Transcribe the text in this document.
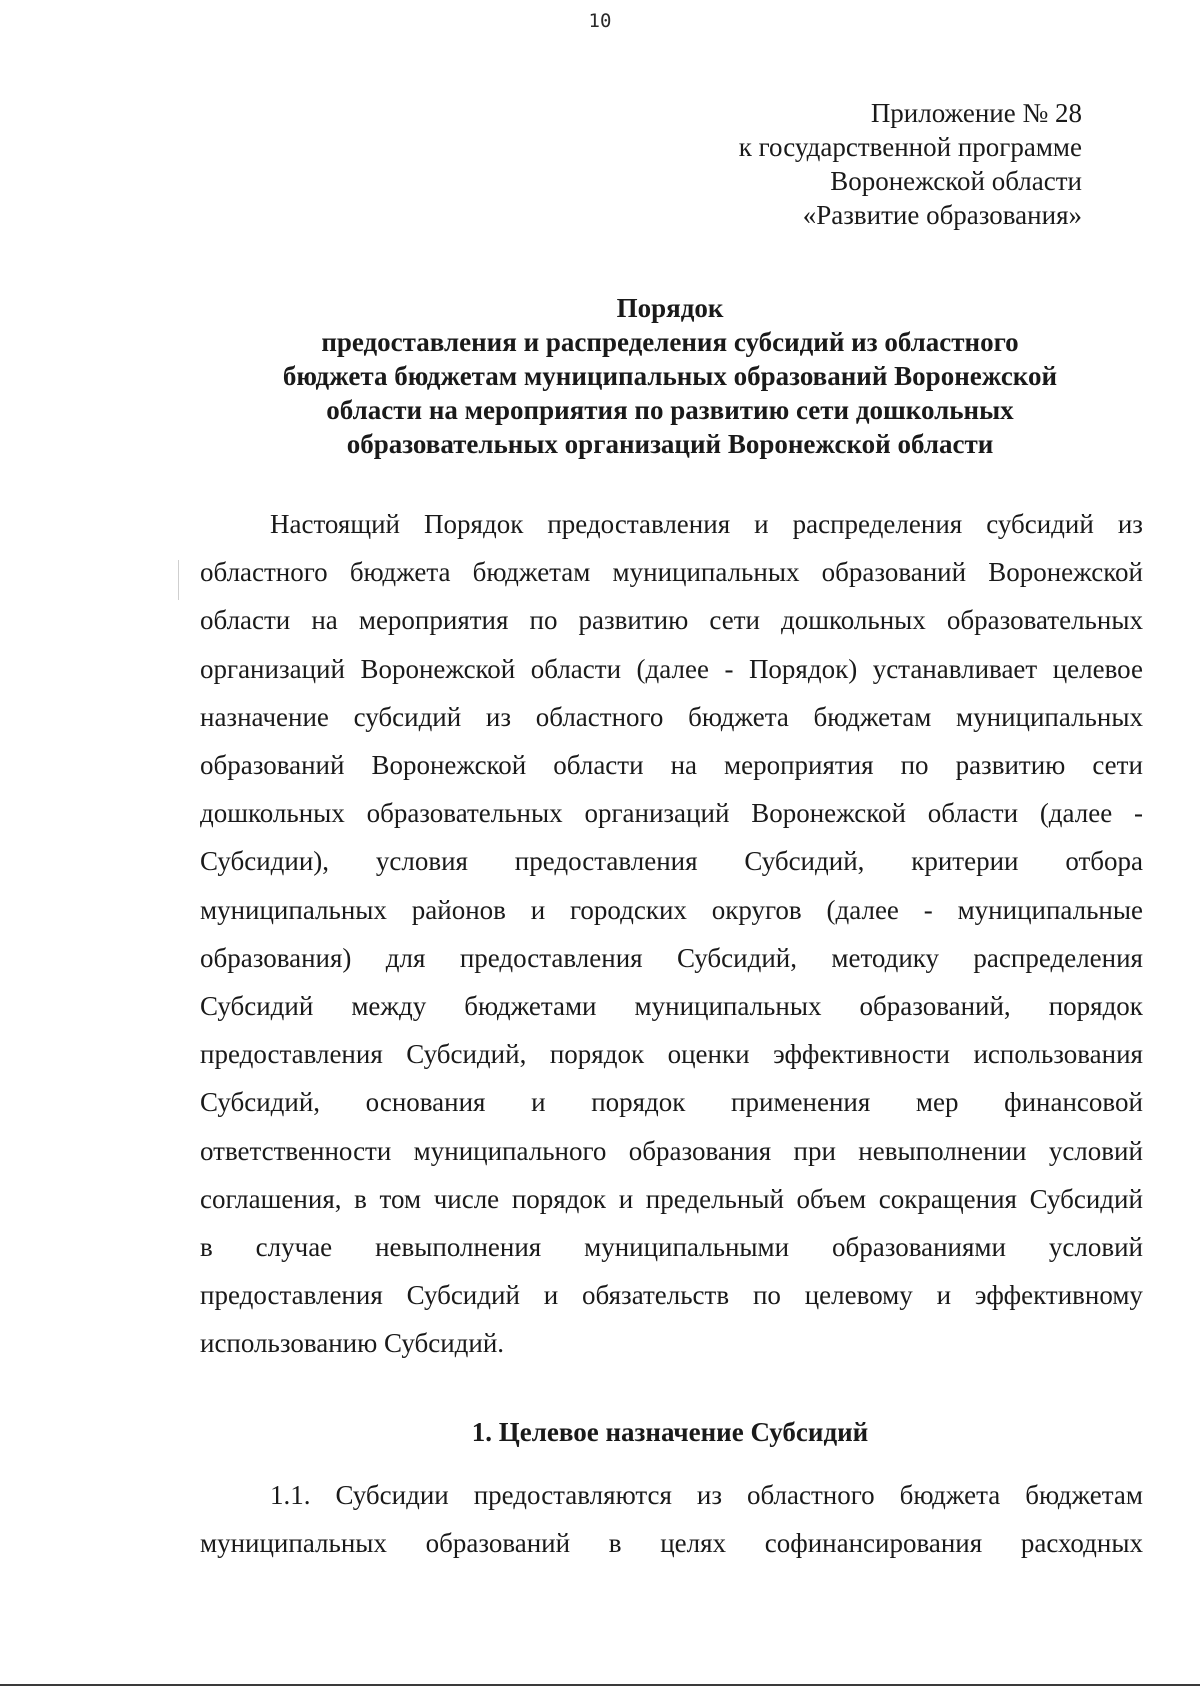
10
Приложение № 28
к государственной программе
Воронежской области
«Развитие образования»
Порядок
предоставления и распределения субсидий из областного
бюджета бюджетам муниципальных образований Воронежской
области на мероприятия по развитию сети дошкольных
образовательных организаций Воронежской области
Настоящий Порядок предоставления и распределения субсидий из
областного бюджета бюджетам муниципальных образований Воронежской
области на мероприятия по развитию сети дошкольных образовательных
организаций Воронежской области (далее - Порядок) устанавливает целевое
назначение субсидий из областного бюджета бюджетам муниципальных
образований Воронежской области на мероприятия по развитию сети
дошкольных образовательных организаций Воронежской области (далее -
Субсидии), условия предоставления Субсидий, критерии отбора
муниципальных районов и городских округов (далее - муниципальные
образования) для предоставления Субсидий, методику распределения
Субсидий между бюджетами муниципальных образований, порядок
предоставления Субсидий, порядок оценки эффективности использования
Субсидий, основания и порядок применения мер финансовой
ответственности муниципального образования при невыполнении условий
соглашения, в том числе порядок и предельный объем сокращения Субсидий
в случае невыполнения муниципальными образованиями условий
предоставления Субсидий и обязательств по целевому и эффективному
использованию Субсидий.
1. Целевое назначение Субсидий
1.1. Субсидии предоставляются из областного бюджета бюджетам
муниципальных образований в целях софинансирования расходных
